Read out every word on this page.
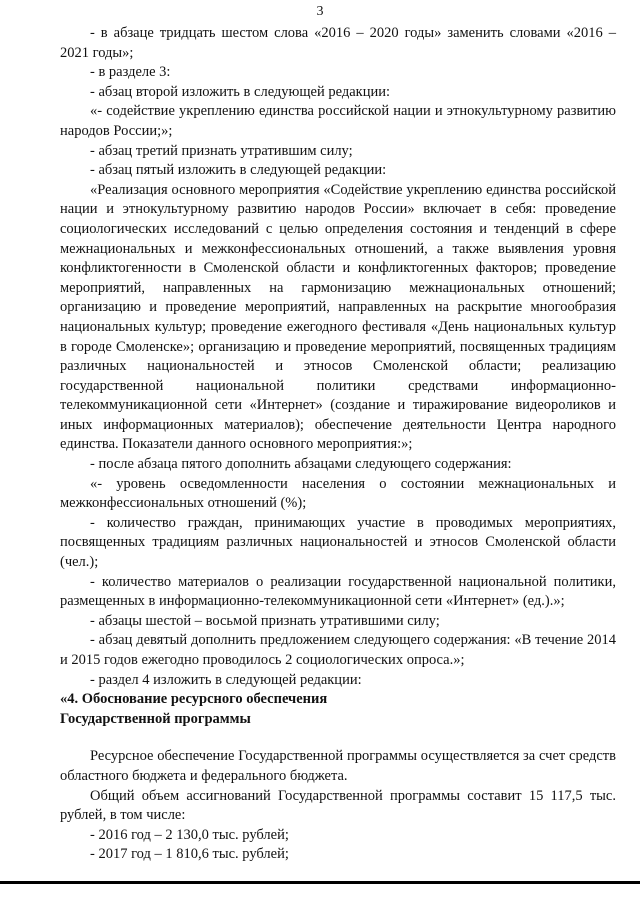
3

- в абзаце тридцать шестом слова «2016 – 2020 годы» заменить словами «2016 – 2021 годы»;

- в разделе 3:

- абзац второй изложить в следующей редакции:

«- содействие укреплению единства российской нации и этнокультурному развитию народов России;»;

- абзац третий признать утратившим силу;

- абзац пятый изложить в следующей редакции:

«Реализация основного мероприятия «Содействие укреплению единства российской нации и этнокультурному развитию народов России» включает в себя: проведение социологических исследований с целью определения состояния и тенденций в сфере межнациональных и межконфессиональных отношений, а также выявления уровня конфликтогенности в Смоленской области и конфликтогенных факторов; проведение мероприятий, направленных на гармонизацию межнациональных отношений; организацию и проведение мероприятий, направленных на раскрытие многообразия национальных культур; проведение ежегодного фестиваля «День национальных культур в городе Смоленске»; организацию и проведение мероприятий, посвященных традициям различных национальностей и этносов Смоленской области; реализацию государственной национальной политики средствами информационно-телекоммуникационной сети «Интернет» (создание и тиражирование видеороликов и иных информационных материалов); обеспечение деятельности Центра народного единства. Показатели данного основного мероприятия:»;

- после абзаца пятого дополнить абзацами следующего содержания:

«- уровень осведомленности населения о состоянии межнациональных и межконфессиональных отношений (%);

- количество граждан, принимающих участие в проводимых мероприятиях, посвященных традициям различных национальностей и этносов Смоленской области (чел.);

- количество материалов о реализации государственной национальной политики, размещенных в информационно-телекоммуникационной сети «Интернет» (ед.).»;

- абзацы шестой – восьмой признать утратившими силу;

- абзац девятый дополнить предложением следующего содержания: «В течение 2014 и 2015 годов ежегодно проводилось 2 социологических опроса.»;

- раздел 4 изложить в следующей редакции:

«4. Обоснование ресурсного обеспечения

Государственной программы

Ресурсное обеспечение Государственной программы осуществляется за счет средств областного бюджета и федерального бюджета.

Общий объем ассигнований Государственной программы составит 15 117,5 тыс. рублей, в том числе:

- 2016 год – 2 130,0 тыс. рублей;

- 2017 год – 1 810,6 тыс. рублей;
